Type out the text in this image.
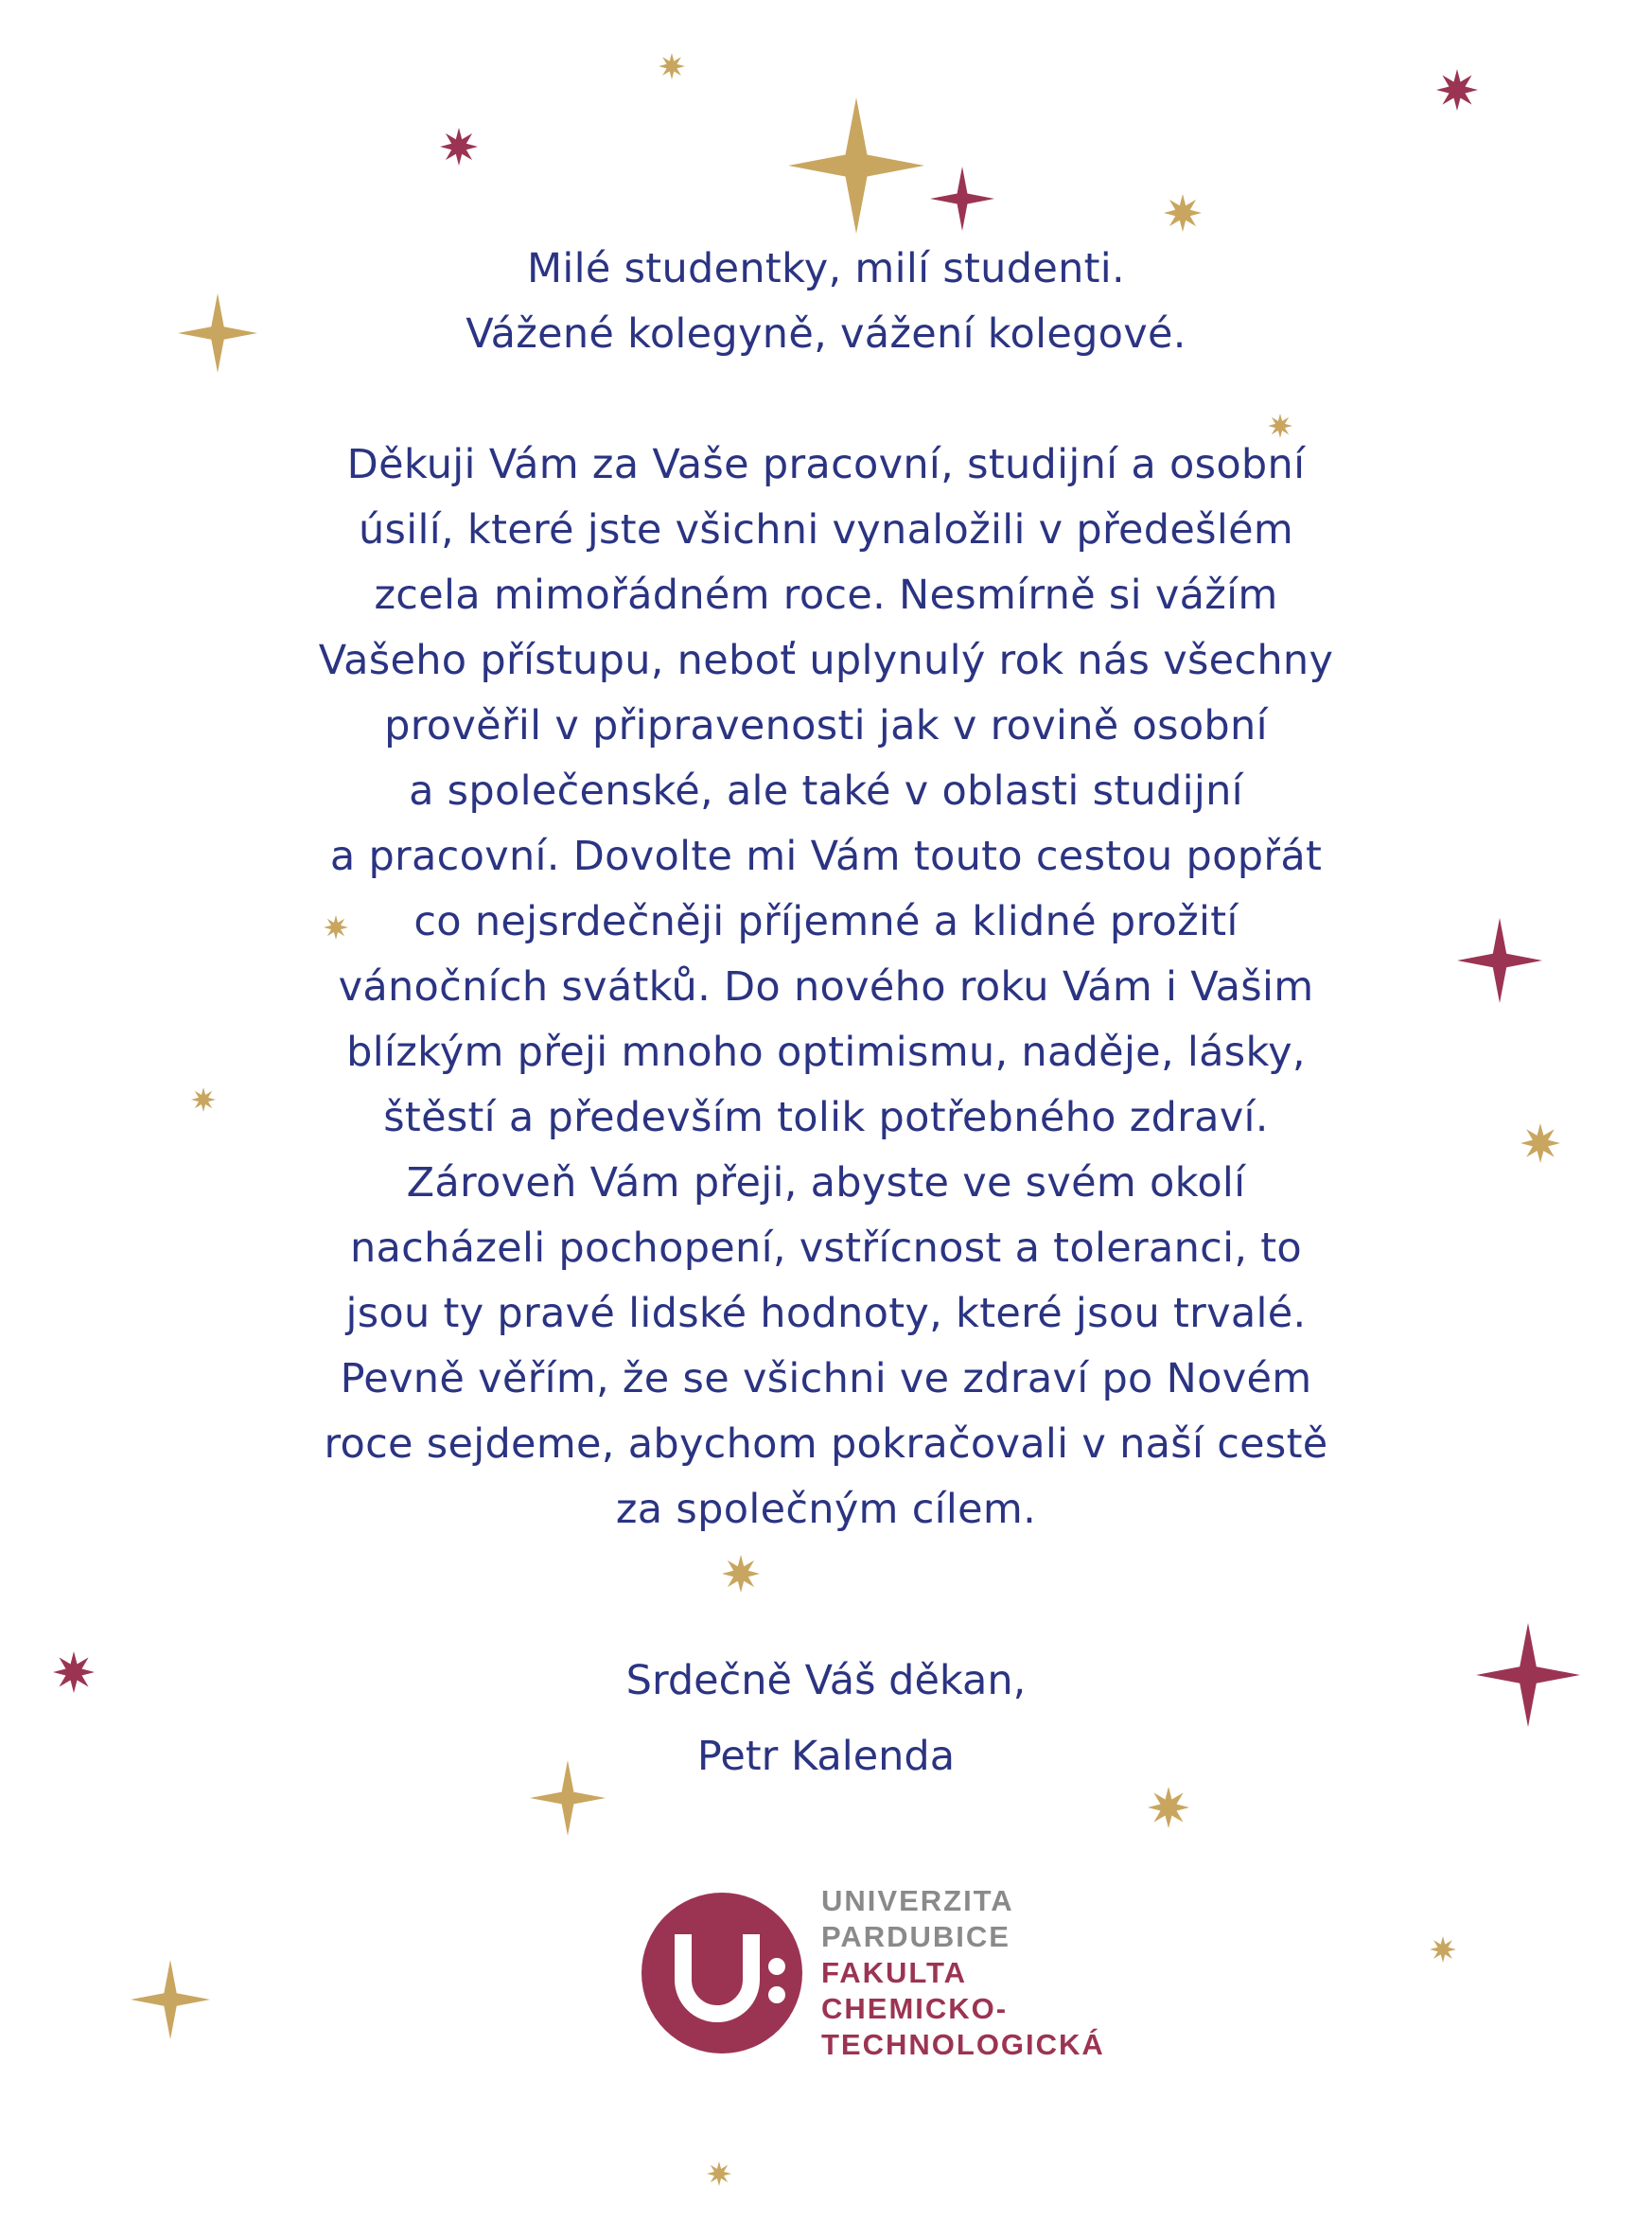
Milé studentky, milí studenti.
Vážené kolegyně, vážení kolegové.
Děkuji Vám za Vaše pracovní, studijní a osobní
úsilí, které jste všichni vynaložili v předešlém
zcela mimořádném roce. Nesmírně si vážím
Vašeho přístupu, neboť uplynulý rok nás všechny
prověřil v připravenosti jak v rovině osobní
a společenské, ale také v oblasti studijní
a pracovní. Dovolte mi Vám touto cestou popřát
co nejsrdečněji příjemné a klidné prožití
vánočních svátků. Do nového roku Vám i Vašim
blízkým přeji mnoho optimismu, naděje, lásky,
štěstí a především tolik potřebného zdraví.
Zároveň Vám přeji, abyste ve svém okolí
nacházeli pochopení, vstřícnost a toleranci, to
jsou ty pravé lidské hodnoty, které jsou trvalé.
Pevně věřím, že se všichni ve zdraví po Novém
roce sejdeme, abychom pokračovali v naší cestě
za společným cílem.
Srdečně Váš děkan,
Petr Kalenda
UNIVERZITA
PARDUBICE
FAKULTA
CHEMICKO-
TECHNOLOGICKÁ
